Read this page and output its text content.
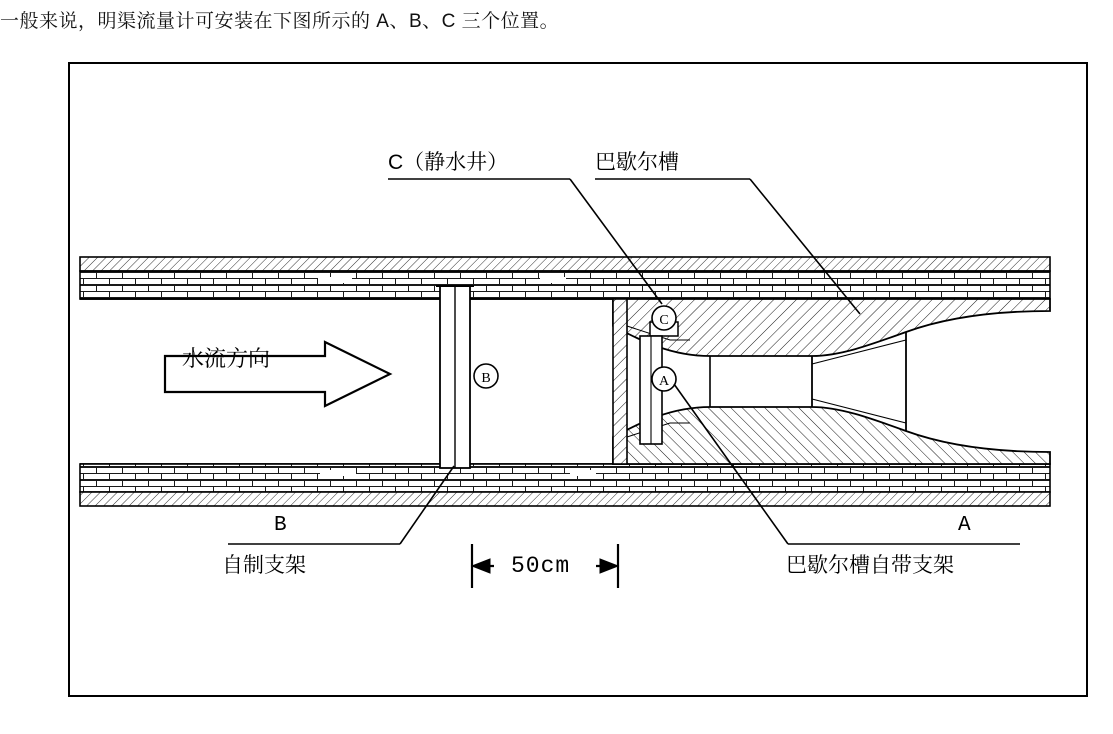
一般来说，明渠流量计可安装在下图所示的 A、B、C 三个位置。
B
C
A
C（静水井）	巴歇尔槽
水流方向
B
自制支架	50cm
A
巴歇尔槽自带支架
